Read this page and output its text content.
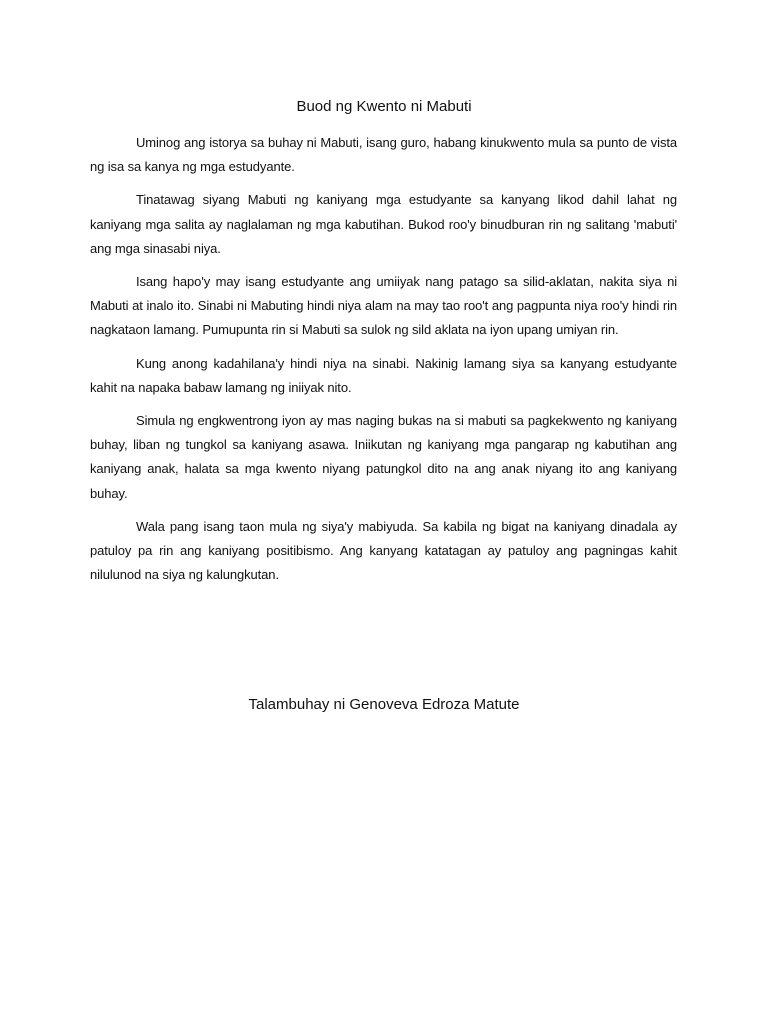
Buod ng Kwento ni Mabuti

Uminog ang istorya sa buhay ni Mabuti, isang guro, habang kinukwento mula sa punto de vista ng isa sa kanya ng mga estudyante.

Tinatawag siyang Mabuti ng kaniyang mga estudyante sa kanyang likod dahil lahat ng kaniyang mga salita ay naglalaman ng mga kabutihan. Bukod roo'y binudburan rin ng salitang 'mabuti' ang mga sinasabi niya.

Isang hapo'y may isang estudyante ang umiiyak nang patago sa silid-aklatan, nakita siya ni Mabuti at inalo ito. Sinabi ni Mabuting hindi niya alam na may tao roo't ang pagpunta niya roo'y hindi rin nagkataon lamang. Pumupunta rin si Mabuti sa sulok ng sild aklata na iyon upang umiyan rin.

Kung anong kadahilana'y hindi niya na sinabi. Nakinig lamang siya sa kanyang estudyante kahit na napaka babaw lamang ng iniiyak nito.

Simula ng engkwentrong iyon ay mas naging bukas na si mabuti sa pagkekwento ng kaniyang buhay, liban ng tungkol sa kaniyang asawa. Iniikutan ng kaniyang mga pangarap ng kabutihan ang kaniyang anak, halata sa mga kwento niyang patungkol dito na ang anak niyang ito ang kaniyang buhay.

Wala pang isang taon mula ng siya'y mabiyuda. Sa kabila ng bigat na kaniyang dinadala ay patuloy pa rin ang kaniyang positibismo. Ang kanyang katatagan ay patuloy ang pagningas kahit nilulunod na siya ng kalungkutan.

Talambuhay ni Genoveva Edroza Matute
